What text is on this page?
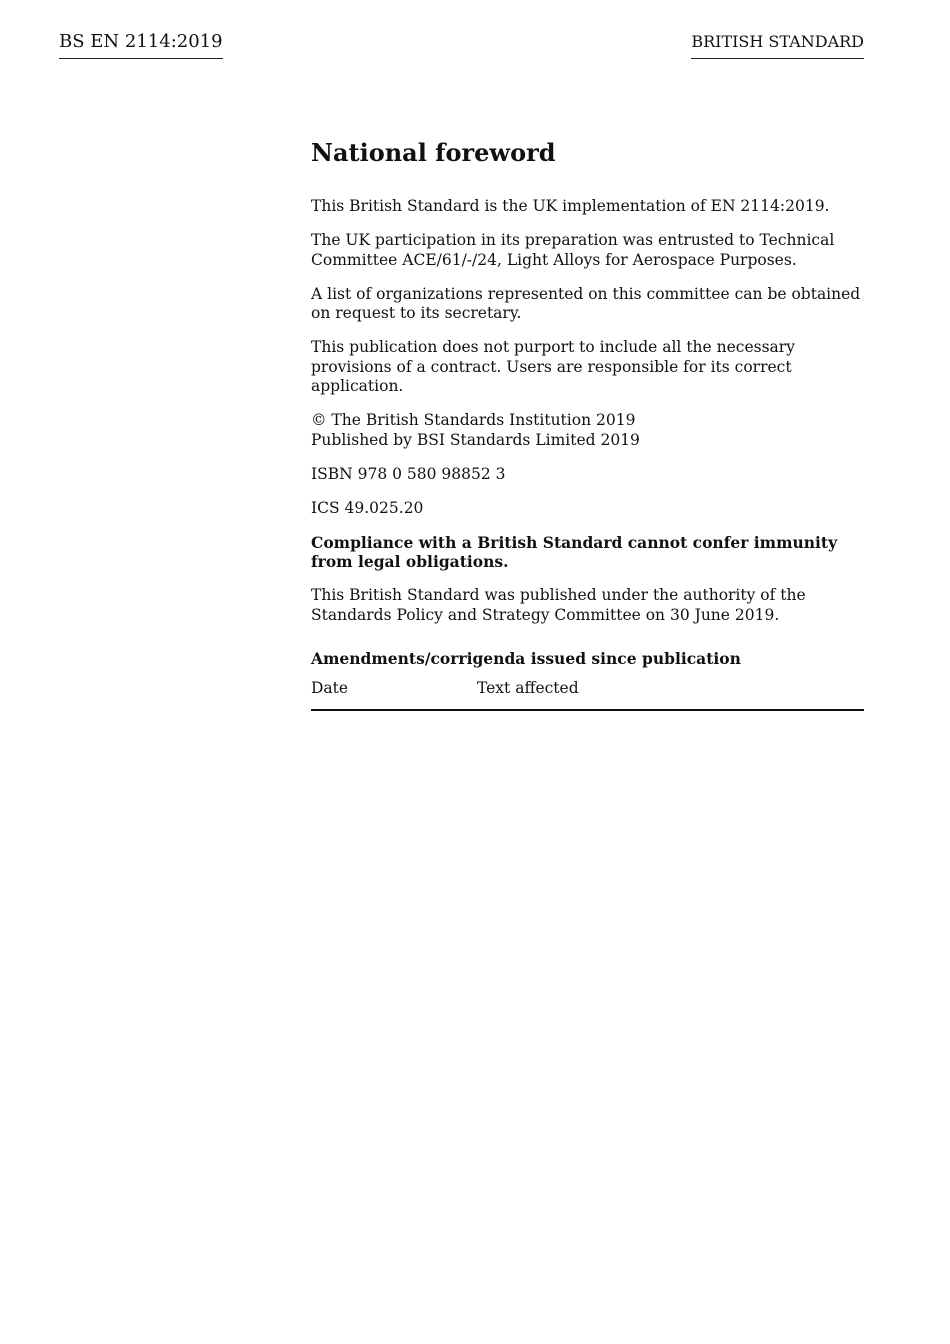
BS EN 2114:2019	BRITISH STANDARD
National foreword

This British Standard is the UK implementation of EN 2114:2019.

The UK participation in its preparation was entrusted to Technical Committee ACE/61/-/24, Light Alloys for Aerospace Purposes.

A list of organizations represented on this committee can be obtained on request to its secretary.

This publication does not purport to include all the necessary provisions of a contract. Users are responsible for its correct application.

© The British Standards Institution 2019
Published by BSI Standards Limited 2019

ISBN 978 0 580 98852 3

ICS 49.025.20

Compliance with a British Standard cannot confer immunity from legal obligations.

This British Standard was published under the authority of the Standards Policy and Strategy Committee on 30 June 2019.

Amendments/corrigenda issued since publication
Date	Text affected
